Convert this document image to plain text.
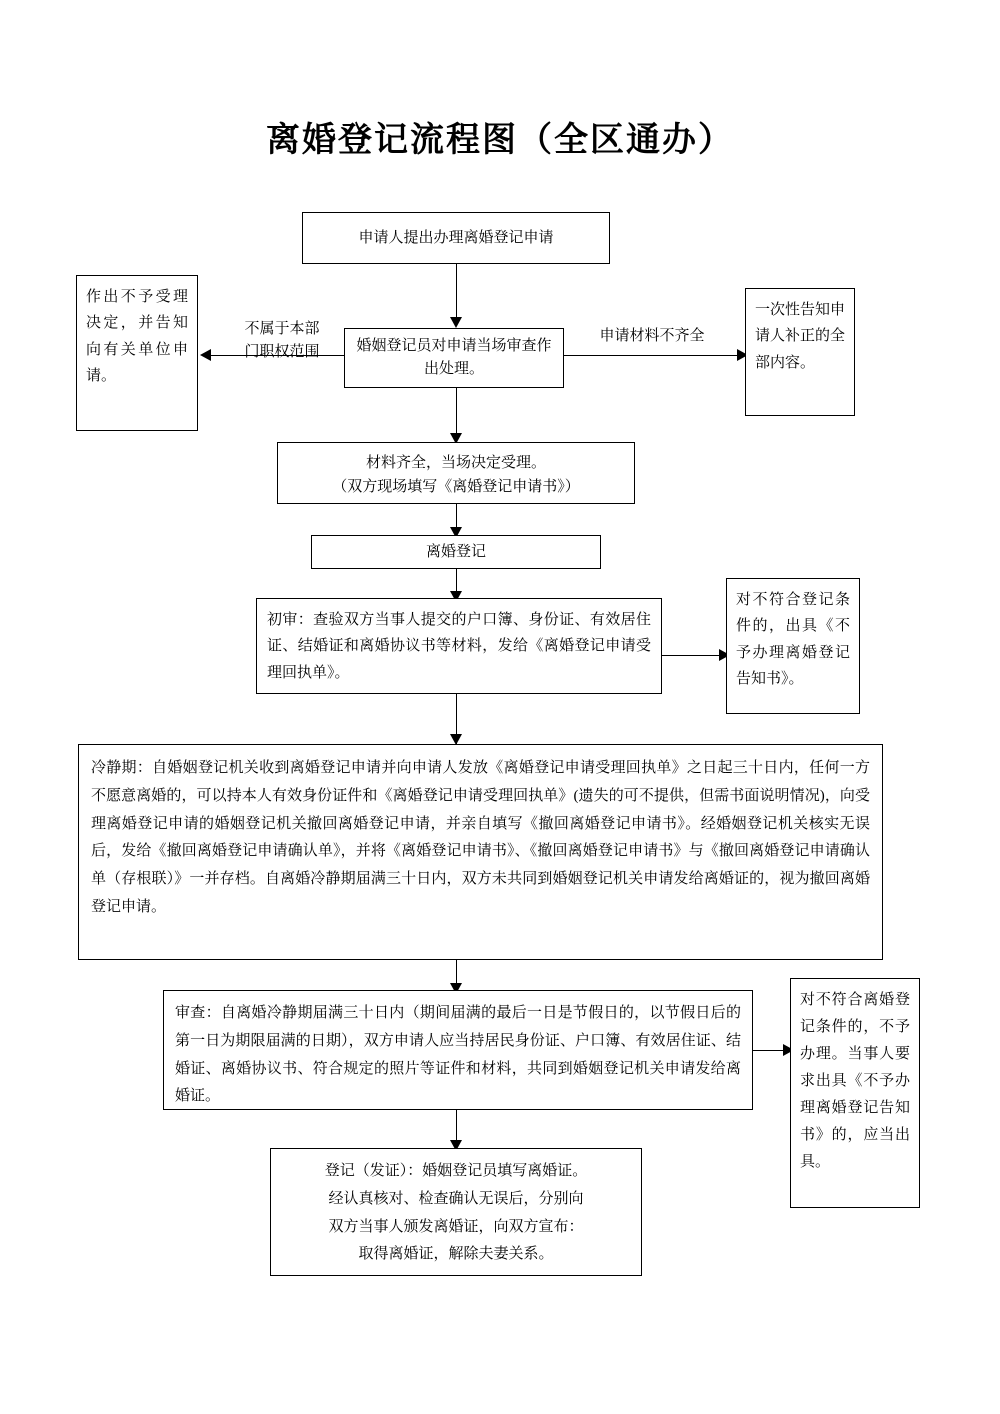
离婚登记流程图（全区通办）
申请人提出办理离婚登记申请
婚姻登记员对申请当场审查作出处理。
不属于本部
门职权范围
作出不予受理决定，并告知向有关单位申请。
申请材料不齐全
一次性告知申请人补正的全部内容。
材料齐全，当场决定受理。
（双方现场填写《离婚登记申请书》）
离婚登记
初审：查验双方当事人提交的户口簿、身份证、有效居住证、结婚证和离婚协议书等材料，发给《离婚登记申请受理回执单》。
对不符合登记条件的，出具《不予办理离婚登记告知书》。
冷静期：自婚姻登记机关收到离婚登记申请并向申请人发放《离婚登记申请受理回执单》之日起三十日内，任何一方不愿意离婚的，可以持本人有效身份证件和《离婚登记申请受理回执单》(遗失的可不提供，但需书面说明情况)，向受理离婚登记申请的婚姻登记机关撤回离婚登记申请，并亲自填写《撤回离婚登记申请书》。经婚姻登记机关核实无误后，发给《撤回离婚登记申请确认单》，并将《离婚登记申请书》、《撤回离婚登记申请书》与《撤回离婚登记申请确认单（存根联）》一并存档。自离婚冷静期届满三十日内，双方未共同到婚姻登记机关申请发给离婚证的，视为撤回离婚登记申请。
审查：自离婚冷静期届满三十日内（期间届满的最后一日是节假日的，以节假日后的第一日为期限届满的日期），双方申请人应当持居民身份证、户口簿、有效居住证、结婚证、离婚协议书、符合规定的照片等证件和材料，共同到婚姻登记机关申请发给离婚证。
对不符合离婚登记条件的，不予办理。当事人要求出具《不予办理离婚登记告知书》的，应当出具。
登记（发证）：婚姻登记员填写离婚证。
经认真核对、检查确认无误后，分别向
双方当事人颁发离婚证，向双方宣布：
取得离婚证，解除夫妻关系。
